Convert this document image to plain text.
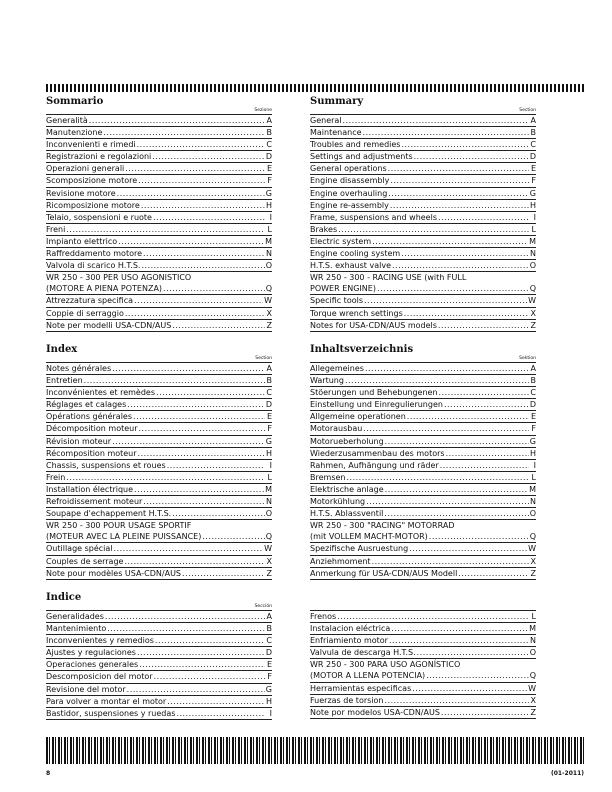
Sommario
Sezione
Generalità .....	A
Manutenzione .....	B
Inconvenienti e rimedi .....	C
Registrazioni e regolazioni .....	D
Operazioni generali .....	E
Scomposizione motore .....	F
Revisione motore .....	G
Ricomposizione motore .....	H
Telaio, sospensioni e ruote .....	I
Freni .....	L
Impianto elettrico .....	M
Raffreddamento motore .....	N
Valvola di scarico H.T.S. .....	O
WR 250 - 300 PER USO AGONISTICO
(MOTORE A PIENA POTENZA) .....	Q
Attrezzatura specifica .....	W
Coppie di serraggio .....	X
Note per modelli USA-CDN/AUS .....	Z
Index
Section
Notes générales .....	A
Entretien .....	B
Inconvénientes et remèdes .....	C
Réglages et calages .....	D
Opérations générales .....	E
Décomposition moteur .....	F
Révision moteur .....	G
Récomposition moteur .....	H
Chassis, suspensions et roues .....	I
Frein .....	L
Installation électrique .....	M
Refroidissement moteur .....	N
Soupape d'echappement H.T.S. .....	O
WR 250 - 300 POUR USAGE SPORTIF
(MOTEUR AVEC LA PLEINE PUISSANCE) .....	Q
Outillage spécial .....	W
Couples de serrage .....	X
Note pour modèles USA-CDN/AUS .....	Z
Indice
Sección
Generalidades .....	A
Mantenimiento .....	B
Inconvenientes y remedios .....	C
Ajustes y regulaciones .....	D
Operaciones generales .....	E
Descomposicion del motor .....	F
Revisione del motor .....	G
Para volver a montar el motor .....	H
Bastidor, suspensiones y ruedas .....	I
Summary
Section
General .....	A
Maintenance .....	B
Troubles and remedies .....	C
Settings and adjustments .....	D
General operations .....	E
Engine disassembly .....	F
Engine overhauling .....	G
Engine re-assembly .....	H
Frame, suspensions and wheels .....	I
Brakes .....	L
Electric system .....	M
Engine cooling system .....	N
H.T.S. exhaust valve .....	O
WR 250 - 300 - RACING USE (with FULL
POWER ENGINE) .....	Q
Specific tools .....	W
Torque wrench settings .....	X
Notes for USA-CDN/AUS models .....	Z
Inhaltsverzeichnis
Sektion
Allegemeines .....	A
Wartung .....	B
Stöerungen und Behebungenen .....	C
Einstellung und Einregulierungen .....	D
Allgemeine operationen .....	E
Motorausbau .....	F
Motorueberholung .....	G
Wiederzusammenbau des motors .....	H
Rahmen, Aufhängung und räder .....	I
Bremsen .....	L
Elektrische anlage .....	M
Motorkühlung .....	N
H.T.S. Ablassventil .....	O
WR 250 - 300 "RACING" MOTORRAD
(mit VOLLEM MACHT-MOTOR) .....	Q
Spezifische Ausruestung .....	W
Anziehmoment .....	X
Anmerkung für USA-CDN/AUS Modell .....	Z
Frenos .....	L
Instalacion eléctrica .....	M
Enfriamiento motor .....	N
Valvula de descarga H.T.S. .....	O
WR 250 - 300 PARA USO AGONÍSTICO
(MOTOR A LLENA POTENCIA) .....	Q
Herramientas especificas .....	W
Fuerzas de torsion .....	X
Note por modelos USA-CDN/AUS .....	Z
8	(01-2011)
